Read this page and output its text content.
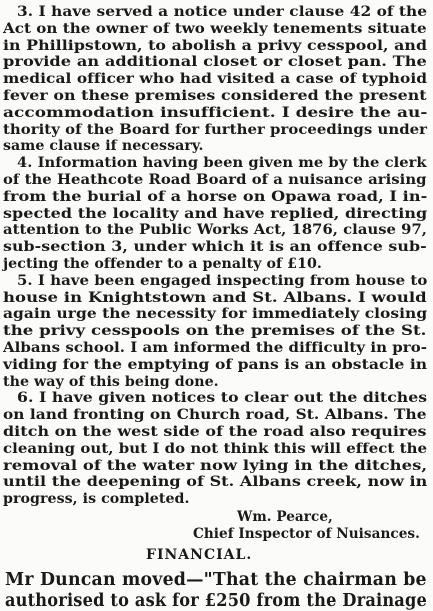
3. I have served a notice under clause 42 of the
Act on the owner of two weekly tenements situate
in Phillipstown, to abolish a privy cesspool, and
provide an additional closet or closet pan. The
medical officer who had visited a case of typhoid
fever on these premises considered the present
accommodation insufficient. I desire the au-
thority of the Board for further proceedings under
same clause if necessary.
4. Information having been given me by the clerk
of the Heathcote Road Board of a nuisance arising
from the burial of a horse on Opawa road, I in-
spected the locality and have replied, directing
attention to the Public Works Act, 1876, clause 97,
sub-section 3, under which it is an offence sub-
jecting the offender to a penalty of £10.
5. I have been engaged inspecting from house to
house in Knightstown and St. Albans. I would
again urge the necessity for immediately closing
the privy cesspools on the premises of the St.
Albans school. I am informed the difficulty in pro-
viding for the emptying of pans is an obstacle in
the way of this being done.
6. I have given notices to clear out the ditches
on land fronting on Church road, St. Albans. The
ditch on the west side of the road also requires
cleaning out, but I do not think this will effect the
removal of the water now lying in the ditches,
until the deepening of St. Albans creek, now in
progress, is completed.
Wm. Pearce,
Chief Inspector of Nuisances.
FINANCIAL.
Mr Duncan moved—"That the chairman be
authorised to ask for £250 from the Drainage
